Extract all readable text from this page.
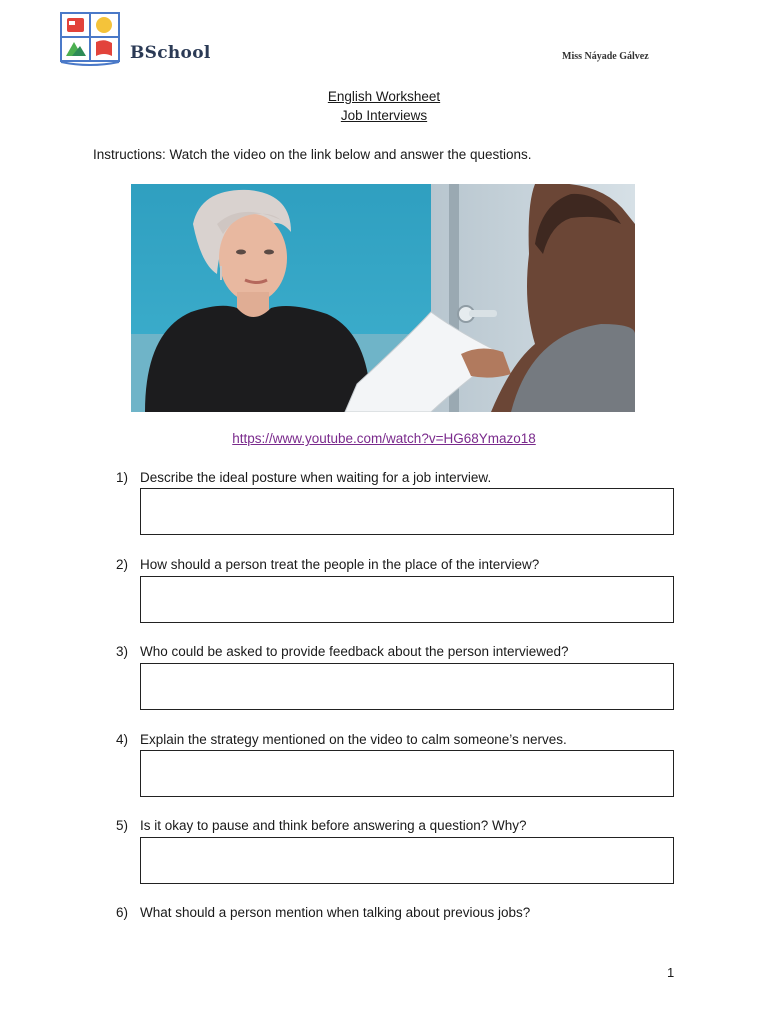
BSchool	Miss Náyade Gálvez
English Worksheet
Job Interviews
Instructions: Watch the video on the link below and answer the questions.
https://www.youtube.com/watch?v=HG68Ymazo18
1) Describe the ideal posture when waiting for a job interview.
2) How should a person treat the people in the place of the interview?
3) Who could be asked to provide feedback about the person interviewed?
4) Explain the strategy mentioned on the video to calm someone’s nerves.
5) Is it okay to pause and think before answering a question? Why?
6) What should a person mention when talking about previous jobs?
1
